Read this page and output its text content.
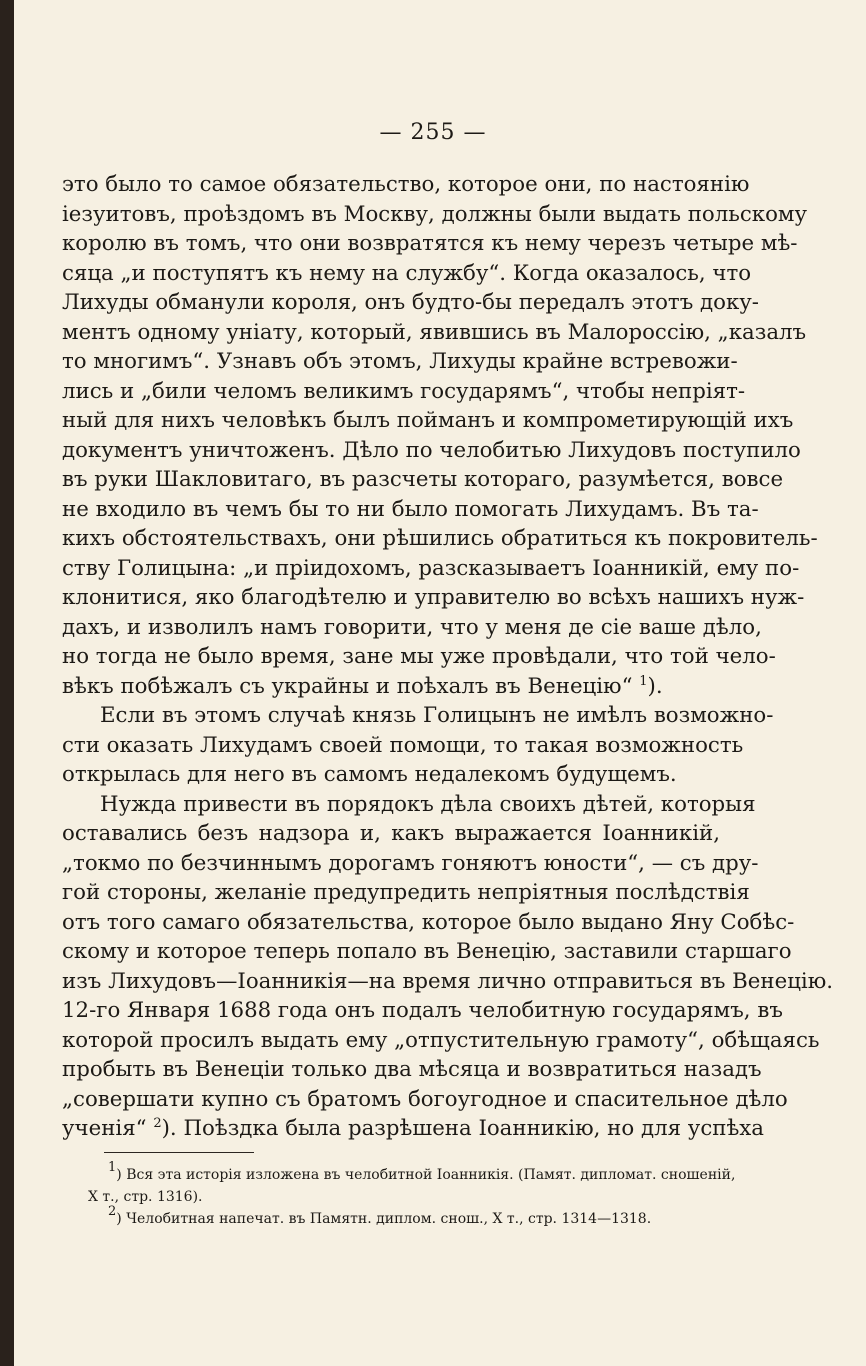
— 255 —
это было то самое обязательство, которое они, по настоянію
іезуитовъ, проѣздомъ въ Москву, должны были выдать польскому
королю въ томъ, что они возвратятся къ нему черезъ четыре мѣ-
сяца „и поступятъ къ нему на службу“. Когда оказалось, что
Лихуды обманули короля, онъ будто-бы передалъ этотъ доку-
ментъ одному уніату, который, явившись въ Малороссію, „казалъ
то многимъ“. Узнавъ объ этомъ, Лихуды крайне встревожи-
лись и „били челомъ великимъ государямъ“, чтобы непріят-
ный для нихъ человѣкъ былъ пойманъ и компрометирующій ихъ
документъ уничтоженъ. Дѣло по челобитью Лихудовъ поступило
въ руки Шакловитаго, въ разсчеты котораго, разумѣется, вовсе
не входило въ чемъ бы то ни было помогать Лихудамъ. Въ та-
кихъ обстоятельствахъ, они рѣшились обратиться къ покровитель-
ству Голицына: „и пріидохомъ, разсказываетъ Іоанникій, ему по-
клонитися, яко благодѣтелю и управителю во всѣхъ нашихъ нуж-
дахъ, и изволилъ намъ говорити, что у меня де сіе ваше дѣло,
но тогда не было время, зане мы уже провѣдали, что той чело-
вѣкъ побѣжалъ съ украйны и поѣхалъ въ Венецію“ $^1$).
Если въ этомъ случаѣ князь Голицынъ не имѣлъ возможно-
сти оказать Лихудамъ своей помощи, то такая возможность
открылась для него въ самомъ недалекомъ будущемъ.
Нужда привести въ порядокъ дѣла своихъ дѣтей, которыя
оставались безъ надзора и, какъ выражается Іоанникій,
„токмо по безчиннымъ дорогамъ гоняютъ юности“, — съ дру-
гой стороны, желаніе предупредить непріятныя послѣдствія
отъ того самаго обязательства, которое было выдано Яну Собѣс-
скому и которое теперь попало въ Венецію, заставили старшаго
изъ Лихудовъ—Іоанникія—на время лично отправиться въ Венецію.
12-го Января 1688 года онъ подалъ челобитную государямъ, въ
которой просилъ выдать ему „отпустительную грамоту“, обѣщаясь
пробыть въ Венеціи только два мѣсяца и возвратиться назадъ
„совершати купно съ братомъ богоугодное и спасительное дѣло
ученія“ $^2$). Поѣздка была разрѣшена Іоанникію, но для успѣха
$^1$) Вся эта исторія изложена въ челобитной Іоанникія. (Памят. дипломат. сношеній,
X т., стр. 1316).
$^2$) Челобитная напечат. въ Памятн. диплом. снош., X т., стр. 1314—1318.
